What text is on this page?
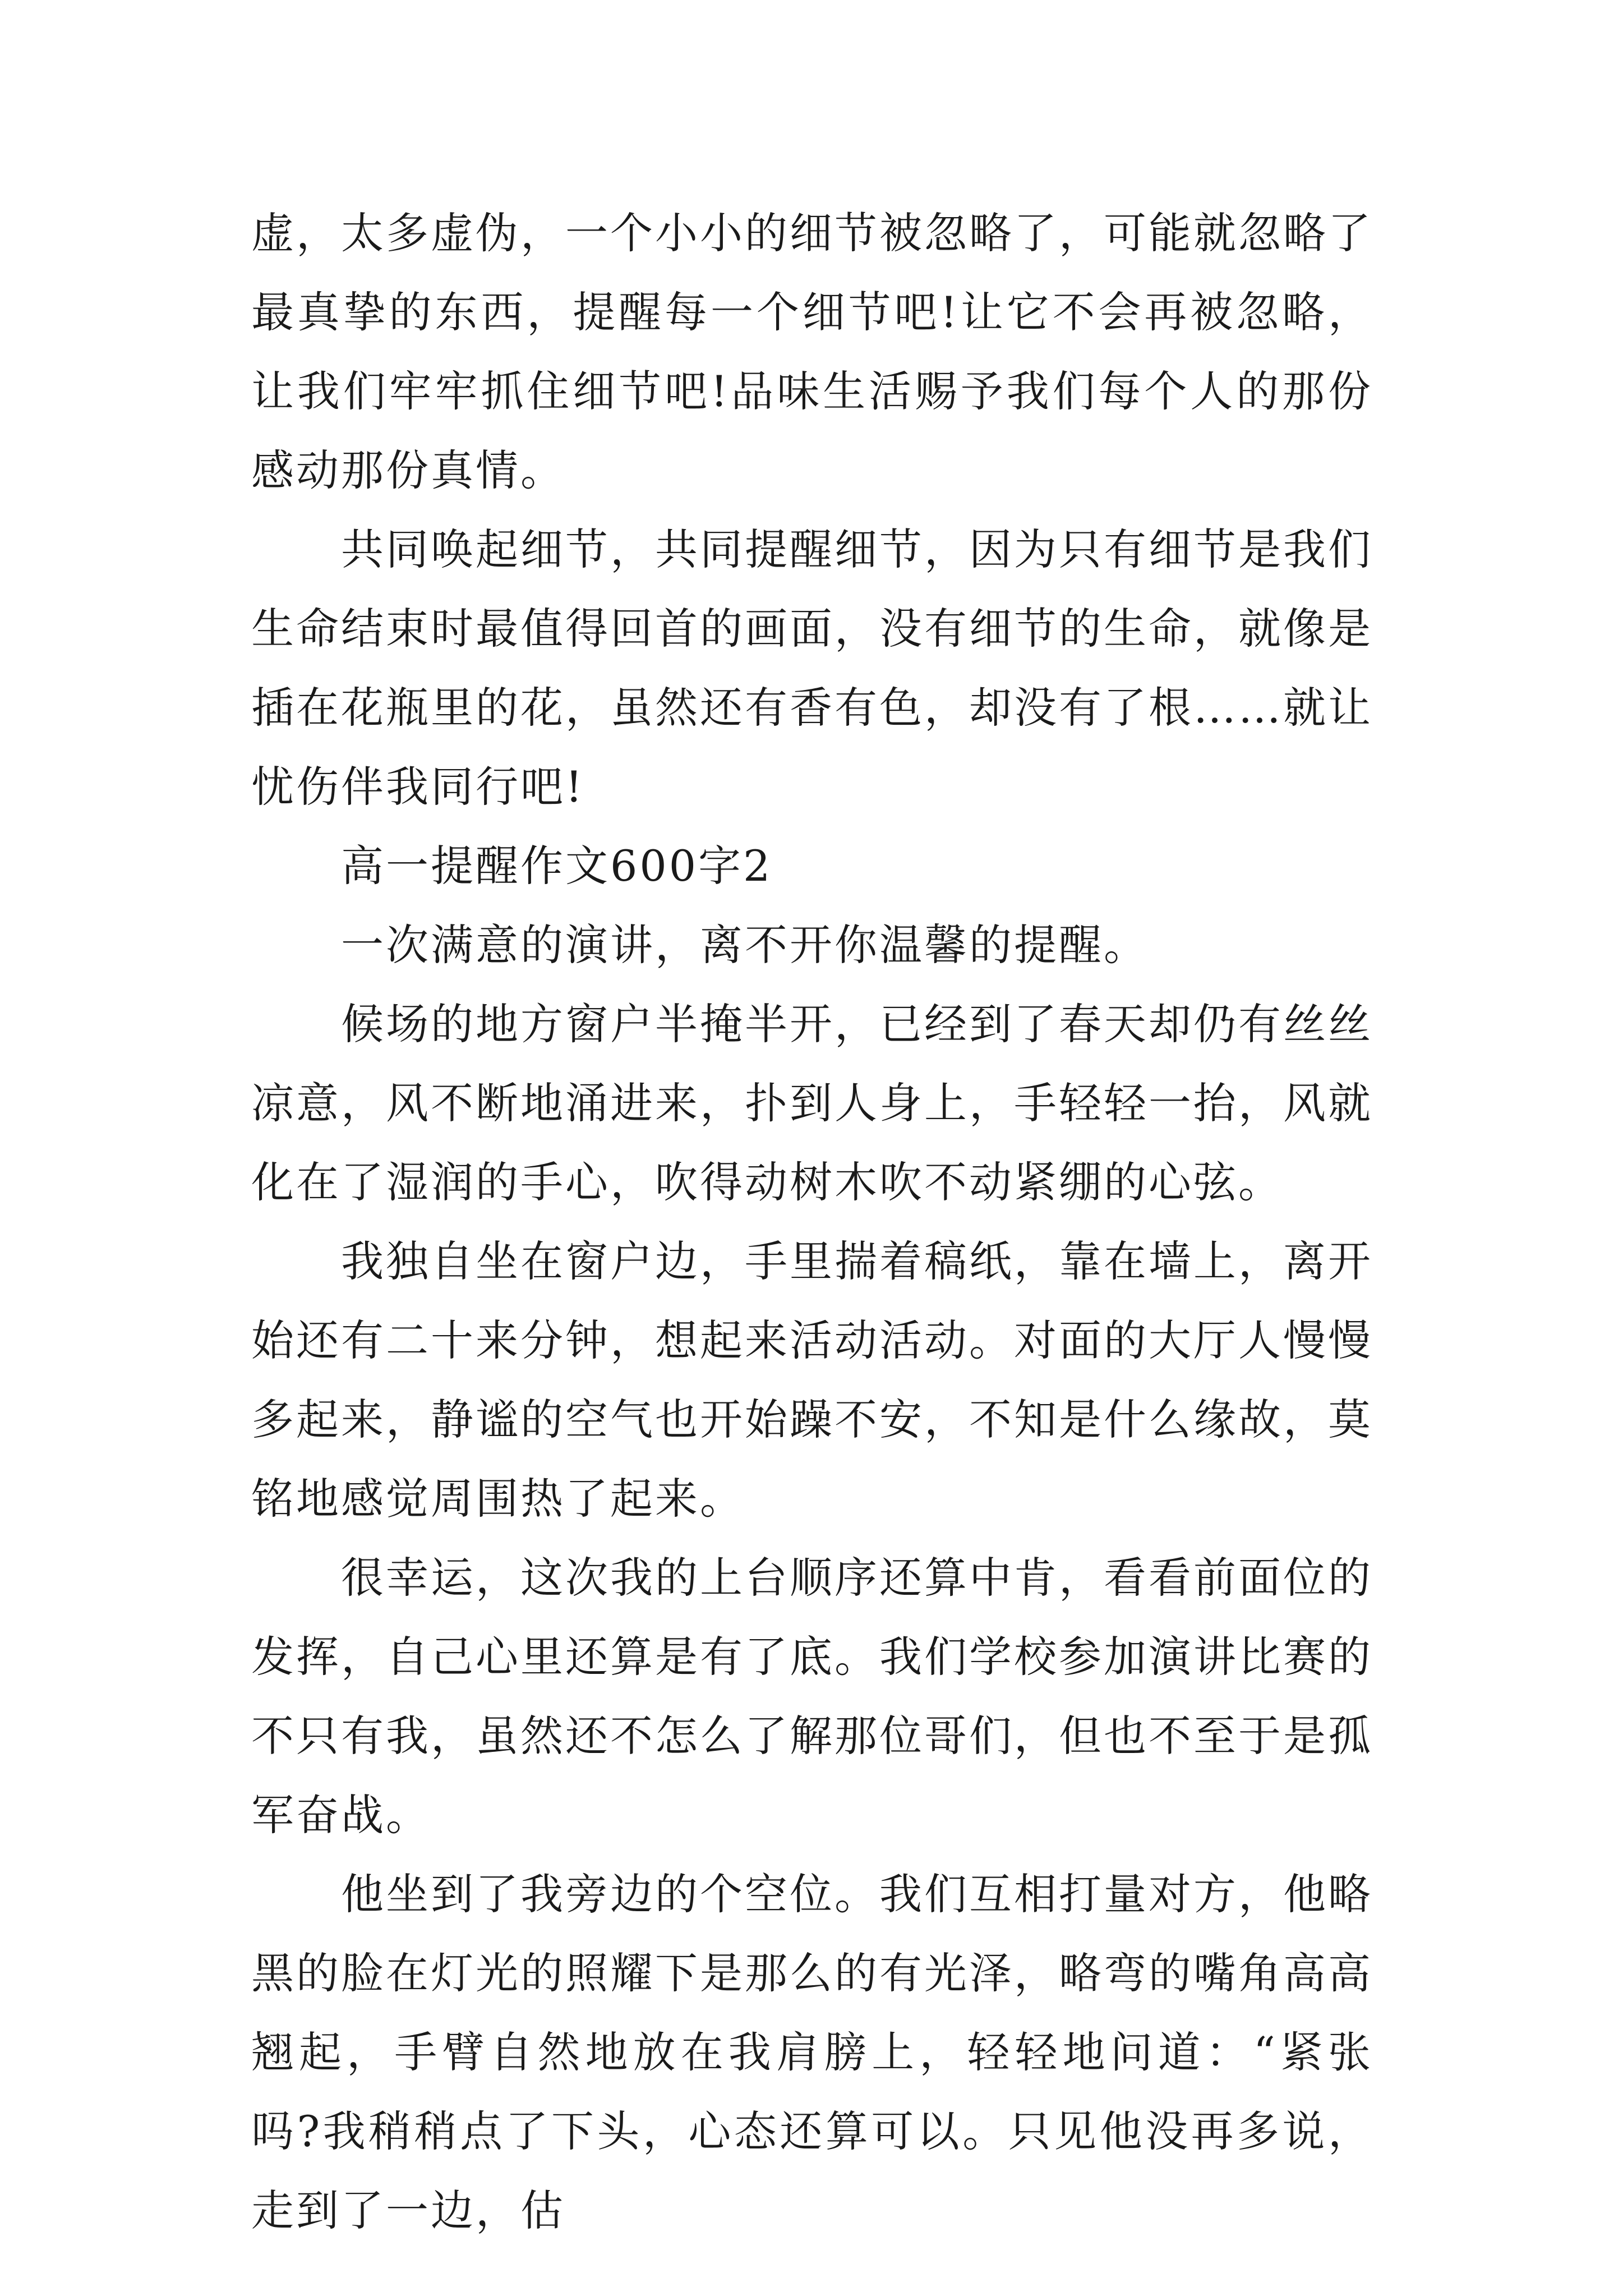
虚，太多虚伪，一个小小的细节被忽略了，可能就忽略了最真挚的东西，提醒每一个细节吧!让它不会再被忽略，让我们牢牢抓住细节吧!品味生活赐予我们每个人的那份感动那份真情。

共同唤起细节，共同提醒细节，因为只有细节是我们生命结束时最值得回首的画面，没有细节的生命，就像是插在花瓶里的花，虽然还有香有色，却没有了根……就让忧伤伴我同行吧!

高一提醒作文600字2

一次满意的演讲，离不开你温馨的提醒。

候场的地方窗户半掩半开，已经到了春天却仍有丝丝凉意，风不断地涌进来，扑到人身上，手轻轻一抬，风就化在了湿润的手心，吹得动树木吹不动紧绷的心弦。

我独自坐在窗户边，手里揣着稿纸，靠在墙上，离开始还有二十来分钟，想起来活动活动。对面的大厅人慢慢多起来，静谧的空气也开始躁不安，不知是什么缘故，莫铭地感觉周围热了起来。

很幸运，这次我的上台顺序还算中肯，看看前面位的发挥，自己心里还算是有了底。我们学校参加演讲比赛的不只有我，虽然还不怎么了解那位哥们，但也不至于是孤军奋战。

他坐到了我旁边的个空位。我们互相打量对方，他略黑的脸在灯光的照耀下是那么的有光泽，略弯的嘴角高高翘起，手臂自然地放在我肩膀上，轻轻地问道：“紧张吗?我稍稍点了下头，心态还算可以。只见他没再多说，走到了一边，估
